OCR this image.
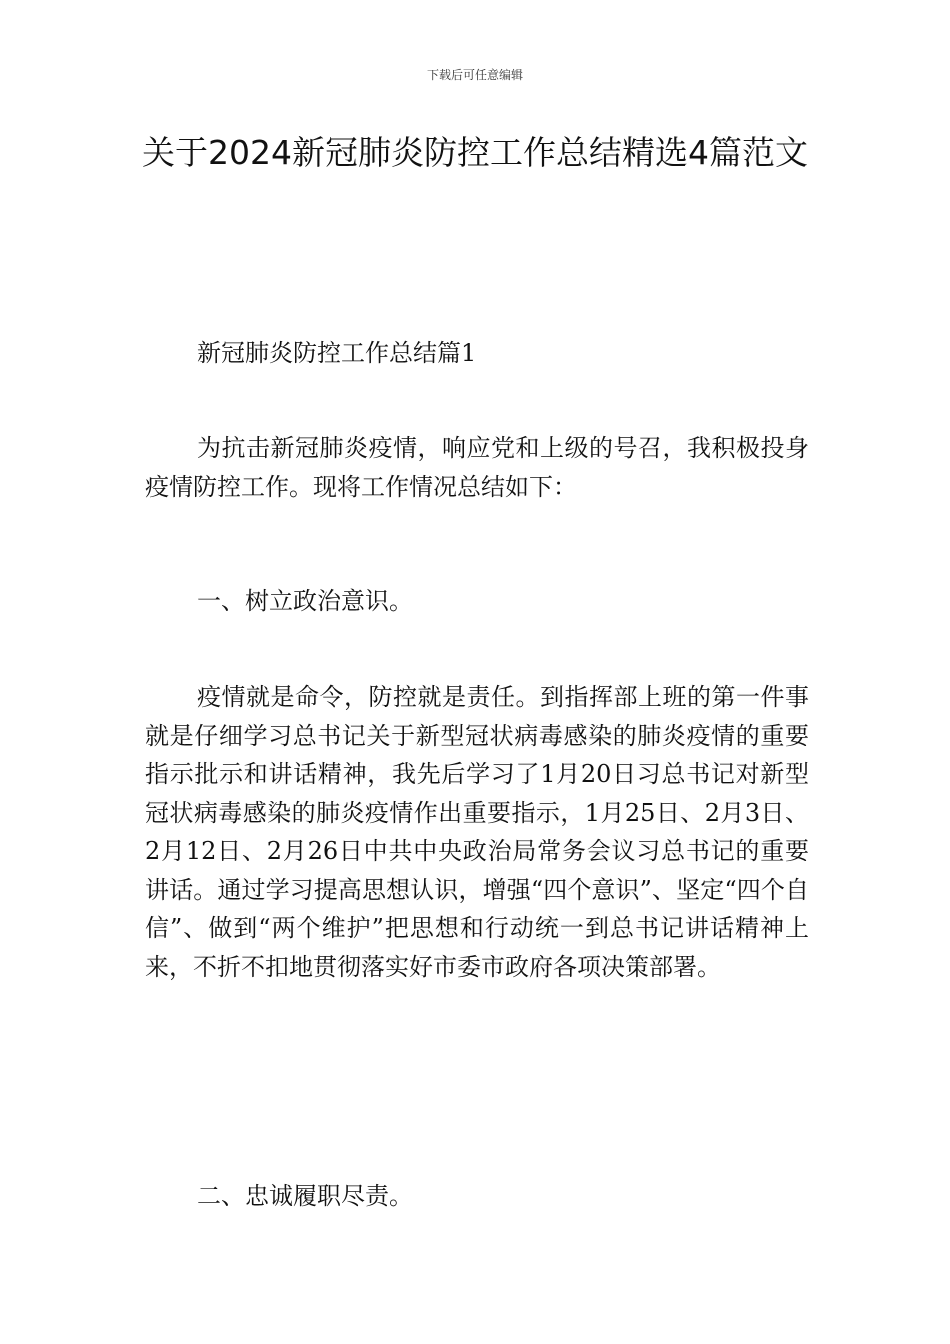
下载后可任意编辑
关于2024新冠肺炎防控工作总结精选4篇范文

新冠肺炎防控工作总结篇1

为抗击新冠肺炎疫情，响应党和上级的号召，我积极投身疫情防控工作。现将工作情况总结如下：

一、树立政治意识。

疫情就是命令，防控就是责任。到指挥部上班的第一件事就是仔细学习总书记关于新型冠状病毒感染的肺炎疫情的重要指示批示和讲话精神，我先后学习了1月20日习总书记对新型冠状病毒感染的肺炎疫情作出重要指示，1月25日、2月3日、2月12日、2月26日中共中央政治局常务会议习总书记的重要讲话。通过学习提高思想认识，增强“四个意识”、坚定“四个自信”、做到“两个维护”把思想和行动统一到总书记讲话精神上来，不折不扣地贯彻落实好市委市政府各项决策部署。

二、忠诚履职尽责。
